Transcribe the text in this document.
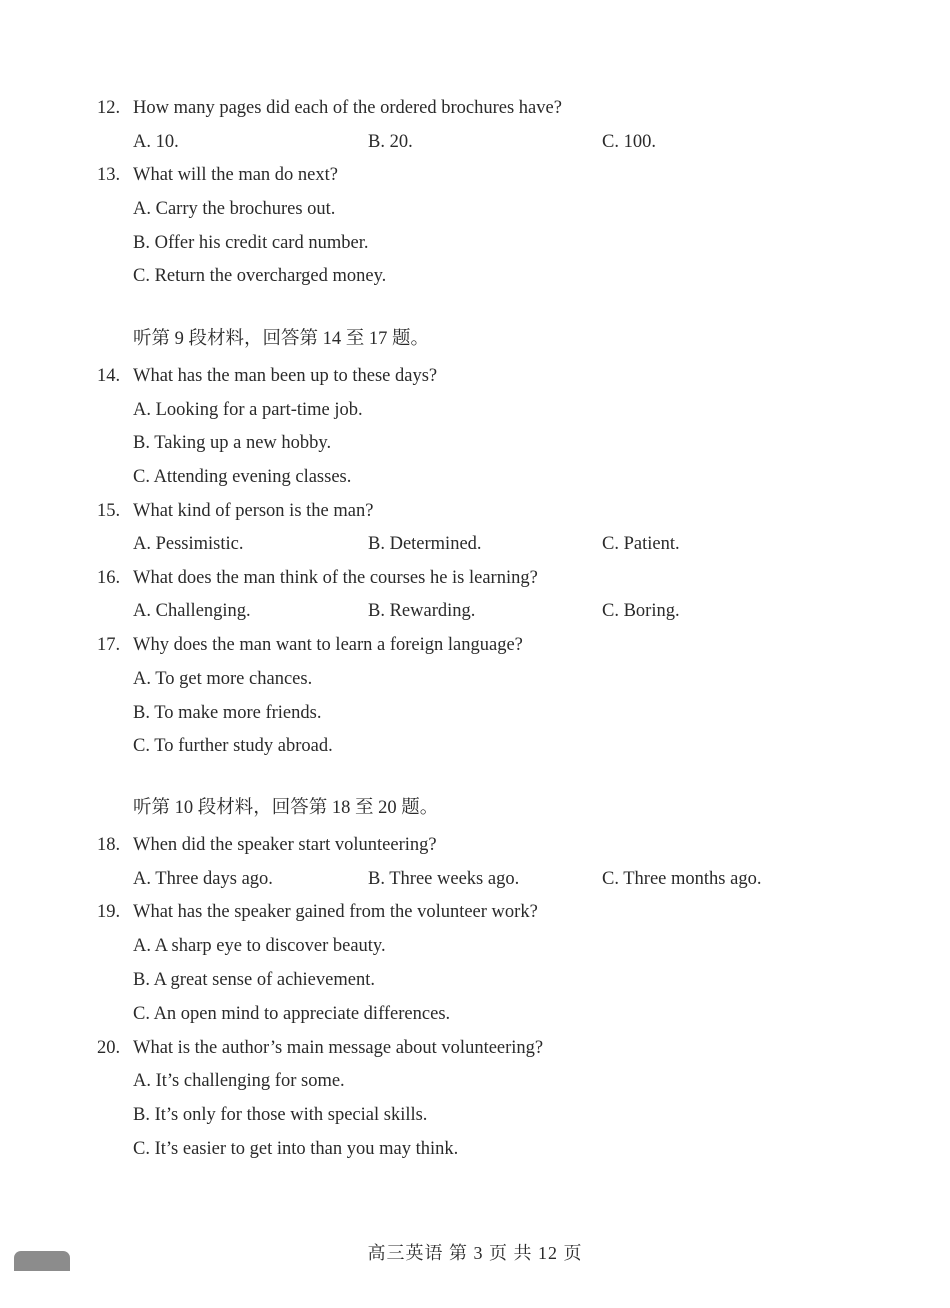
12. How many pages did each of the ordered brochures have?
A. 10.	B. 20.	C. 100.
13. What will the man do next?
A. Carry the brochures out.
B. Offer his credit card number.
C. Return the overcharged money.
听第 9 段材料，回答第 14 至 17 题。
14. What has the man been up to these days?
A. Looking for a part-time job.
B. Taking up a new hobby.
C. Attending evening classes.
15. What kind of person is the man?
A. Pessimistic.	B. Determined.	C. Patient.
16. What does the man think of the courses he is learning?
A. Challenging.	B. Rewarding.	C. Boring.
17. Why does the man want to learn a foreign language?
A. To get more chances.
B. To make more friends.
C. To further study abroad.
听第 10 段材料，回答第 18 至 20 题。
18. When did the speaker start volunteering?
A. Three days ago.	B. Three weeks ago.	C. Three months ago.
19. What has the speaker gained from the volunteer work?
A. A sharp eye to discover beauty.
B. A great sense of achievement.
C. An open mind to appreciate differences.
20. What is the author’s main message about volunteering?
A. It’s challenging for some.
B. It’s only for those with special skills.
C. It’s easier to get into than you may think.
高三英语 第 3 页 共 12 页
